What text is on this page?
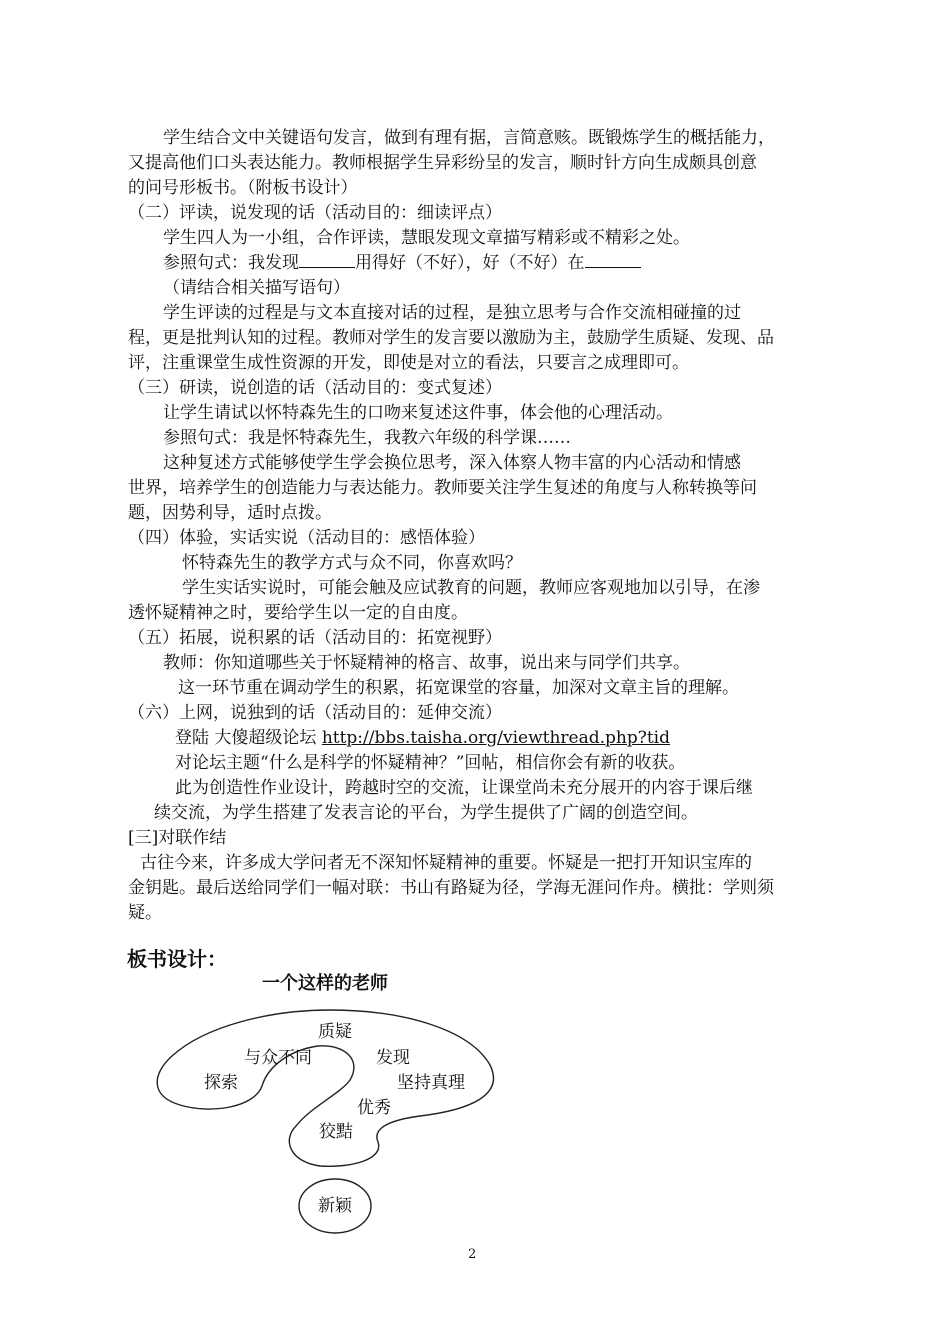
学生结合文中关键语句发言，做到有理有据，言简意赅。既锻炼学生的概括能力，
又提高他们口头表达能力。教师根据学生异彩纷呈的发言，顺时针方向生成颇具创意
的问号形板书。（附板书设计）
（二）评读，说发现的话（活动目的：细读评点）
学生四人为一小组，合作评读，慧眼发现文章描写精彩或不精彩之处。
参照句式：我发现	用得好（不好），好（不好）在
（请结合相关描写语句）
学生评读的过程是与文本直接对话的过程，是独立思考与合作交流相碰撞的过
程，更是批判认知的过程。教师对学生的发言要以激励为主，鼓励学生质疑、发现、品
评，注重课堂生成性资源的开发，即使是对立的看法，只要言之成理即可。
（三）研读，说创造的话（活动目的：变式复述）
让学生请试以怀特森先生的口吻来复述这件事，体会他的心理活动。
参照句式：我是怀特森先生，我教六年级的科学课……
这种复述方式能够使学生学会换位思考，深入体察人物丰富的内心活动和情感
世界，培养学生的创造能力与表达能力。教师要关注学生复述的角度与人称转换等问
题，因势利导，适时点拨。
（四）体验，实话实说（活动目的：感悟体验）
怀特森先生的教学方式与众不同，你喜欢吗？
学生实话实说时，可能会触及应试教育的问题，教师应客观地加以引导，在渗
透怀疑精神之时，要给学生以一定的自由度。
（五）拓展，说积累的话（活动目的：拓宽视野）
教师：你知道哪些关于怀疑精神的格言、故事，说出来与同学们共享。
这一环节重在调动学生的积累，拓宽课堂的容量，加深对文章主旨的理解。
（六）上网，说独到的话（活动目的：延伸交流）
登陆 大傻超级论坛 http://bbs.taisha.org/viewthread.php?tid
对论坛主题“什么是科学的怀疑精神？”回帖，相信你会有新的收获。
此为创造性作业设计，跨越时空的交流，让课堂尚未充分展开的内容于课后继
续交流，为学生搭建了发表言论的平台，为学生提供了广阔的创造空间。
[三]对联作结
古往今来，许多成大学问者无不深知怀疑精神的重要。怀疑是一把打开知识宝库的
金钥匙。最后送给同学们一幅对联：书山有路疑为径，学海无涯问作舟。横批：学则须
疑。
板书设计：
一个这样的老师
质疑
与众不同	发现
探索	坚持真理
优秀
狡黠
新颖
2
